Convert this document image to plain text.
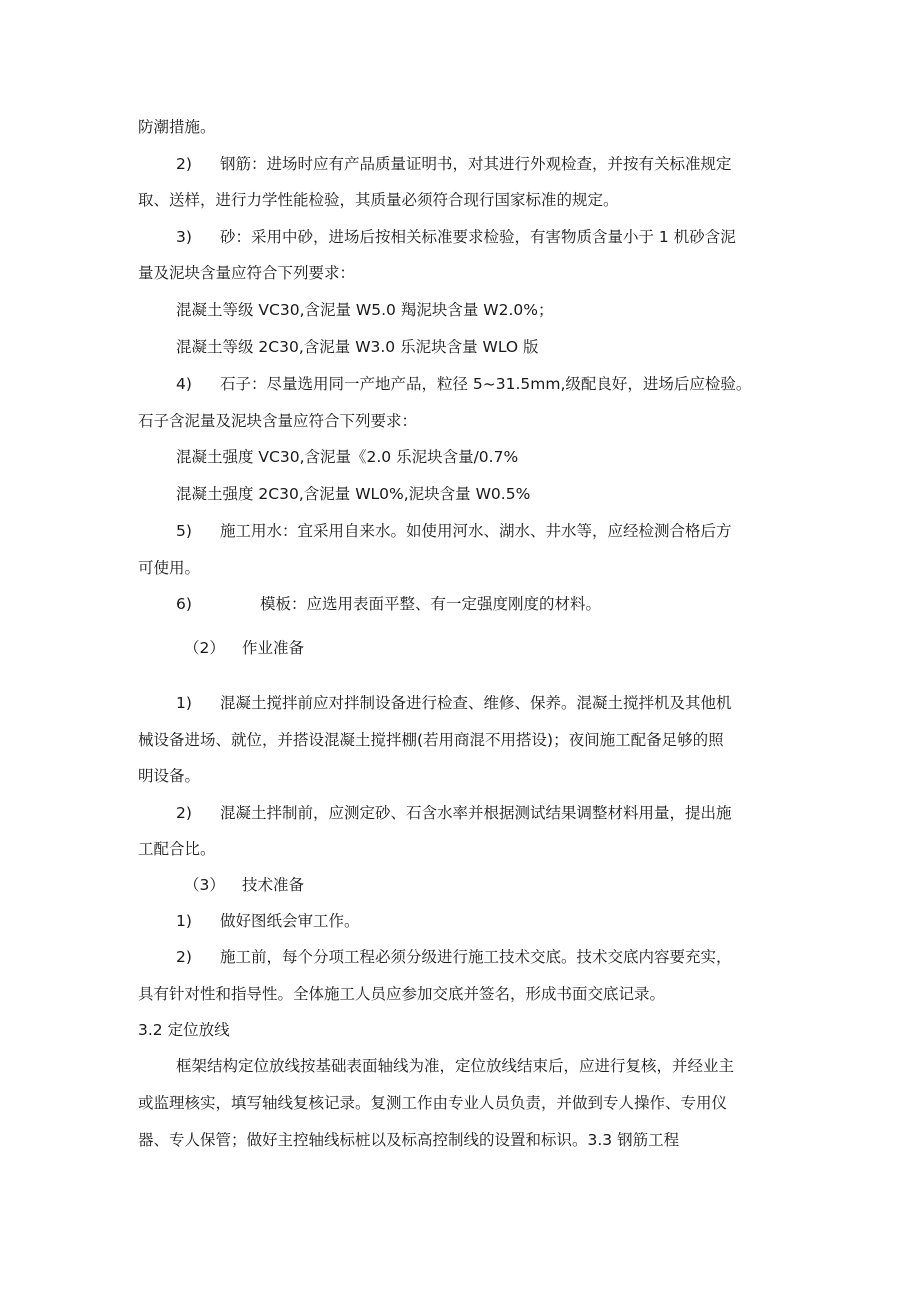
防潮措施。
2) 钢筋：进场时应有产品质量证明书，对其进行外观检查，并按有关标准规定
取、送样，进行力学性能检验，其质量必须符合现行国家标准的规定。
3) 砂：采用中砂，进场后按相关标准要求检验，有害物质含量小于 1 机砂含泥
量及泥块含量应符合下列要求：
混凝土等级 VC30,含泥量 W5.0 羯泥块含量 W2.0%；
混凝土等级 2C30,含泥量 W3.0 乐泥块含量 WLO 版
4) 石子：尽量选用同一产地产品，粒径 5~31.5mm,级配良好，进场后应检验。
石子含泥量及泥块含量应符合下列要求：
混凝土强度 VC30,含泥量《2.0 乐泥块含量/0.7%
混凝土强度 2C30,含泥量 WL0%,泥块含量 W0.5%
5) 施工用水：宜采用自来水。如使用河水、湖水、井水等，应经检测合格后方
可使用。
6)	模板：应选用表面平整、有一定强度刚度的材料。
（2） 作业准备
1) 混凝土搅拌前应对拌制设备进行检查、维修、保养。混凝土搅拌机及其他机
械设备进场、就位，并搭设混凝土搅拌棚(若用商混不用搭设)；夜间施工配备足够的照
明设备。
2) 混凝土拌制前，应测定砂、石含水率并根据测试结果调整材料用量，提出施
工配合比。
（3） 技术准备
1) 做好图纸会审工作。
2) 施工前，每个分项工程必须分级进行施工技术交底。技术交底内容要充实，
具有针对性和指导性。全体施工人员应参加交底并签名，形成书面交底记录。
3.2 定位放线
框架结构定位放线按基础表面轴线为准，定位放线结束后，应进行复核，并经业主
或监理核实，填写轴线复核记录。复测工作由专业人员负责，并做到专人操作、专用仪
器、专人保管；做好主控轴线标桩以及标高控制线的设置和标识。3.3 钢筋工程
